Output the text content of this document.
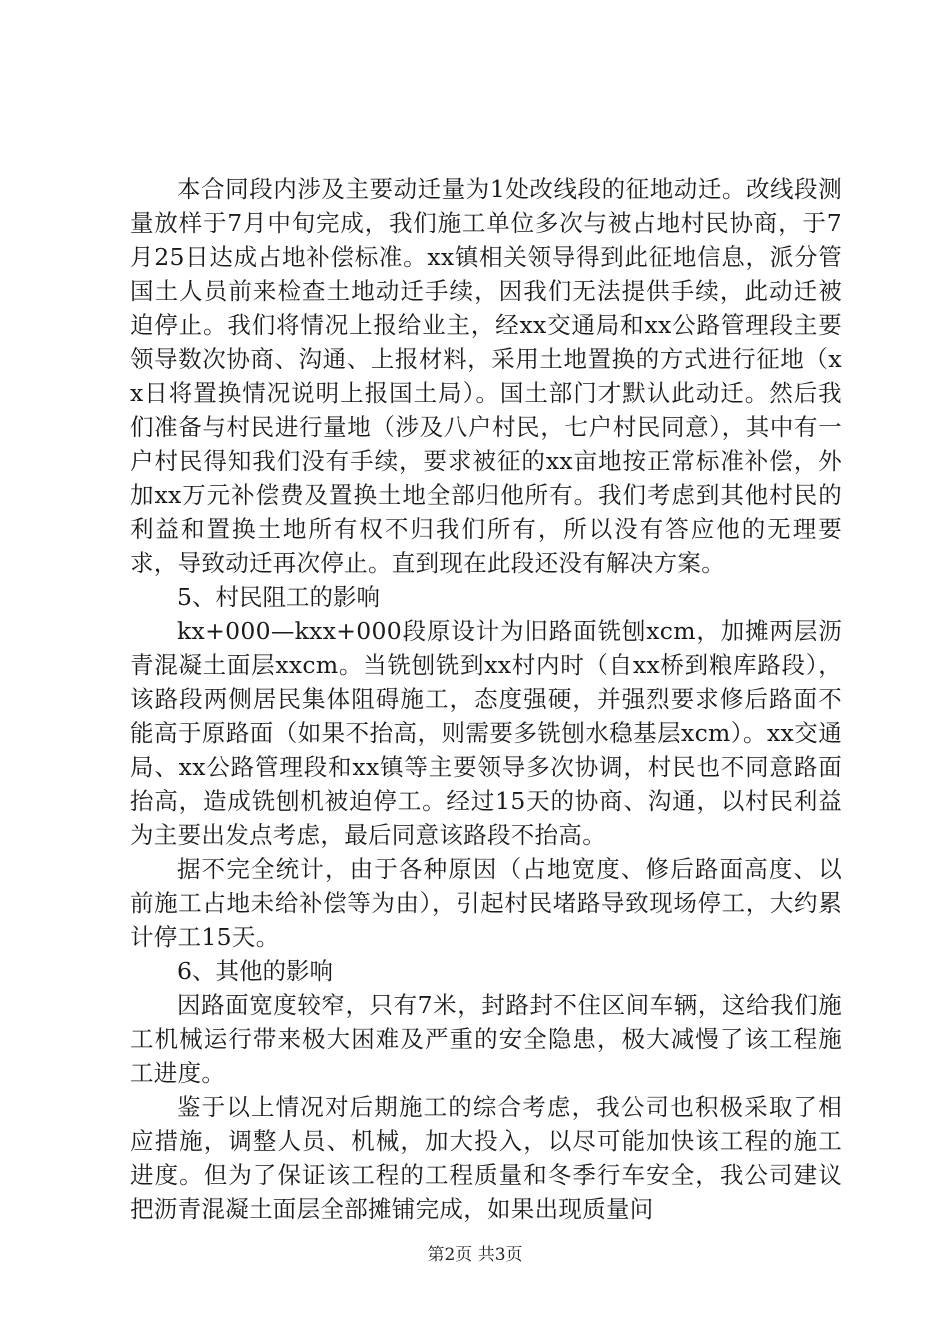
本合同段内涉及主要动迁量为1处改线段的征地动迁。改线段测量放样于7月中旬完成，我们施工单位多次与被占地村民协商，于7月25日达成占地补偿标准。xx镇相关领导得到此征地信息，派分管国土人员前来检查土地动迁手续，因我们无法提供手续，此动迁被迫停止。我们将情况上报给业主，经xx交通局和xx公路管理段主要领导数次协商、沟通、上报材料，采用土地置换的方式进行征地（xx日将置换情况说明上报国土局）。国土部门才默认此动迁。然后我们准备与村民进行量地（涉及八户村民，七户村民同意），其中有一户村民得知我们没有手续，要求被征的xx亩地按正常标准补偿，外加xx万元补偿费及置换土地全部归他所有。我们考虑到其他村民的利益和置换土地所有权不归我们所有，所以没有答应他的无理要求，导致动迁再次停止。直到现在此段还没有解决方案。

5、村民阻工的影响

kx+000—kxx+000段原设计为旧路面铣刨xcm，加摊两层沥青混凝土面层xxcm。当铣刨铣到xx村内时（自xx桥到粮库路段），该路段两侧居民集体阻碍施工，态度强硬，并强烈要求修后路面不能高于原路面（如果不抬高，则需要多铣刨水稳基层xcm）。xx交通局、xx公路管理段和xx镇等主要领导多次协调，村民也不同意路面抬高，造成铣刨机被迫停工。经过15天的协商、沟通，以村民利益为主要出发点考虑，最后同意该路段不抬高。

据不完全统计，由于各种原因（占地宽度、修后路面高度、以前施工占地未给补偿等为由），引起村民堵路导致现场停工，大约累计停工15天。

6、其他的影响

因路面宽度较窄，只有7米，封路封不住区间车辆，这给我们施工机械运行带来极大困难及严重的安全隐患，极大减慢了该工程施工进度。

鉴于以上情况对后期施工的综合考虑，我公司也积极采取了相应措施，调整人员、机械，加大投入，以尽可能加快该工程的施工进度。但为了保证该工程的工程质量和冬季行车安全，我公司建议把沥青混凝土面层全部摊铺完成，如果出现质量问

第2页 共3页
